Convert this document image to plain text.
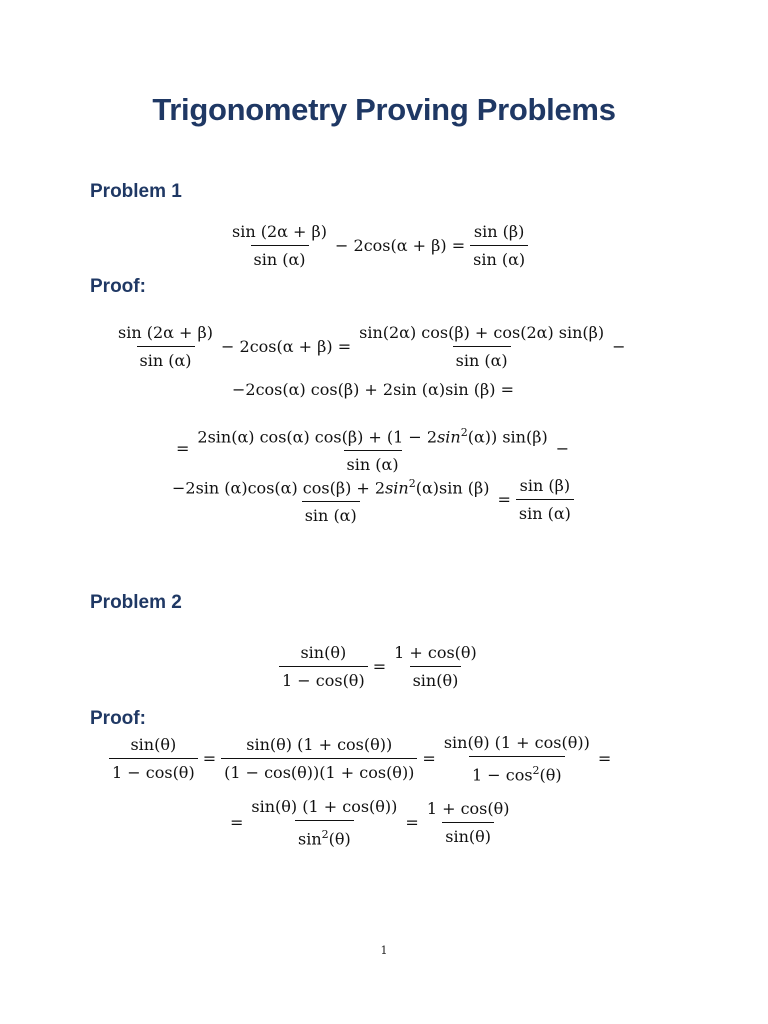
Trigonometry Proving Problems
Problem 1
$\frac{\sin (2\alpha + \beta)}{\sin (\alpha)} - 2\cos(\alpha + \beta) = \frac{\sin (\beta)}{\sin (\alpha)}$
Proof:
$\frac{\sin (2\alpha + \beta)}{\sin (\alpha)} - 2\cos(\alpha + \beta) = \frac{\sin(2\alpha) \cos(\beta) + \cos(2\alpha) \sin(\beta)}{\sin (\alpha)}$ −
−2cos(α) cos(β) + 2sin (α)sin (β) =
= $\frac{2\sin(\alpha) \cos(\alpha) \cos(\beta) + (1 - 2\sin^2(\alpha)) \sin(\beta)}{\sin (\alpha)}$ −
$\frac{-2\sin (\alpha)\cos(\alpha) \cos(\beta) + 2\sin^2(\alpha)\sin (\beta)}{\sin (\alpha)} = \frac{\sin (\beta)}{\sin (\alpha)}$
Problem 2
$\frac{\sin(\theta)}{1 - \cos(\theta)} = \frac{1 + \cos(\theta)}{\sin(\theta)}$
Proof:
$\frac{\sin(\theta)}{1 - \cos(\theta)} = \frac{\sin(\theta) (1 + \cos(\theta))}{(1 - \cos(\theta))(1 + \cos(\theta))} = \frac{\sin(\theta) (1 + \cos(\theta))}{1 - \cos^2(\theta)}$ =
= $\frac{\sin(\theta) (1 + \cos(\theta))}{\sin^2(\theta)} = \frac{1 + \cos(\theta)}{\sin(\theta)}$
1
